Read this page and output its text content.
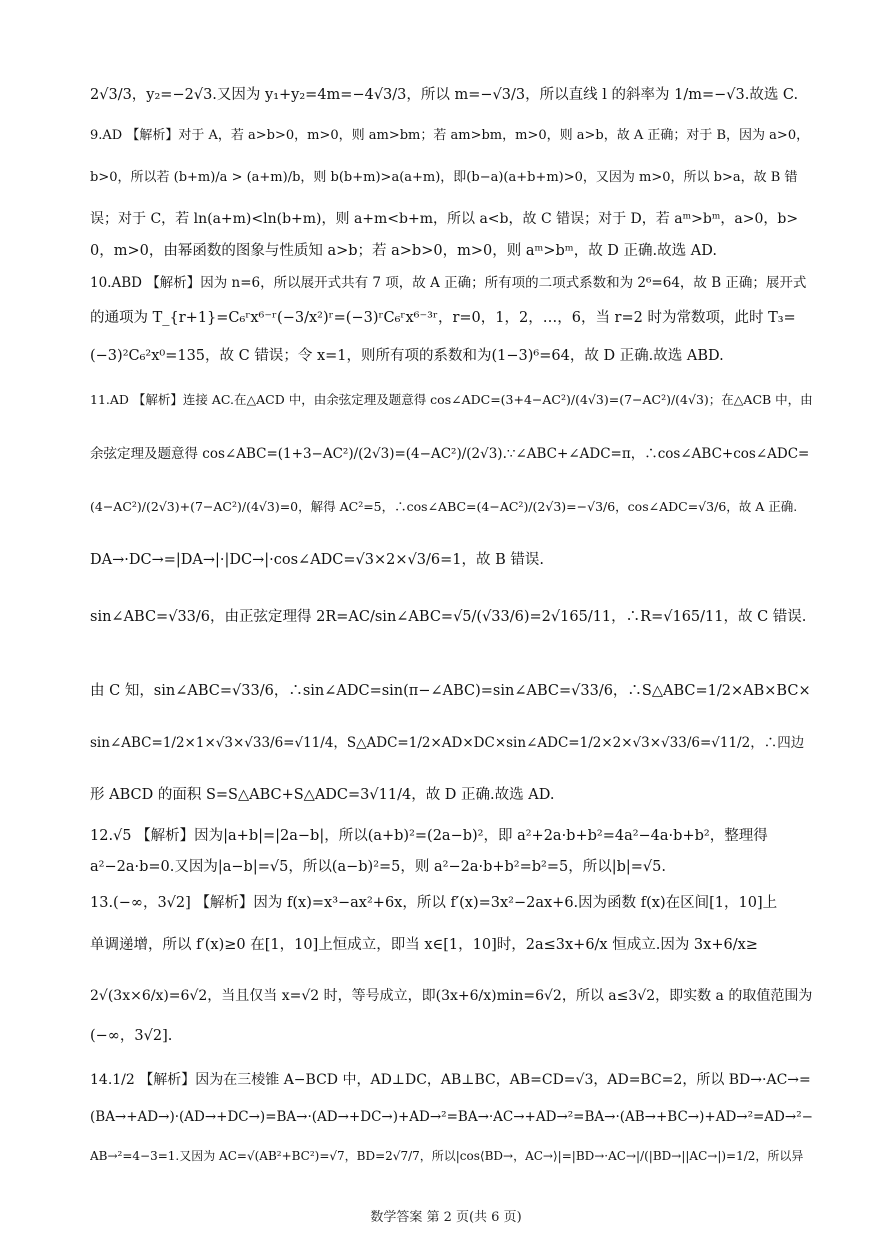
2√3/3，y₂=−2√3.又因为 y₁+y₂=4m=−4√3/3，所以 m=−√3/3，所以直线 l 的斜率为 1/m=−√3.故选 C.
9.AD 【解析】对于 A，若 a>b>0，m>0，则 am>bm；若 am>bm，m>0，则 a>b，故 A 正确；对于 B，因为 a>0，
b>0，所以若 (b+m)/a > (a+m)/b，则 b(b+m)>a(a+m)，即(b−a)(a+b+m)>0，又因为 m>0，所以 b>a，故 B 错
误；对于 C，若 ln(a+m)<ln(b+m)，则 a+m<b+m，所以 a<b，故 C 错误；对于 D，若 aᵐ>bᵐ，a>0，b>
0，m>0，由幂函数的图象与性质知 a>b；若 a>b>0，m>0，则 aᵐ>bᵐ，故 D 正确.故选 AD.
10.ABD 【解析】因为 n=6，所以展开式共有 7 项，故 A 正确；所有项的二项式系数和为 2⁶=64，故 B 正确；展开式
的通项为 T_{r+1}=C₆ʳx⁶⁻ʳ(−3/x²)ʳ=(−3)ʳC₆ʳx⁶⁻³ʳ，r=0，1，2，…，6，当 r=2 时为常数项，此时 T₃=
(−3)²C₆²x⁰=135，故 C 错误；令 x=1，则所有项的系数和为(1−3)⁶=64，故 D 正确.故选 ABD.
11.AD 【解析】连接 AC.在△ACD 中，由余弦定理及题意得 cos∠ADC=(3+4−AC²)/(4√3)=(7−AC²)/(4√3)；在△ACB 中，由
余弦定理及题意得 cos∠ABC=(1+3−AC²)/(2√3)=(4−AC²)/(2√3).∵∠ABC+∠ADC=π，∴cos∠ABC+cos∠ADC=
(4−AC²)/(2√3)+(7−AC²)/(4√3)=0，解得 AC²=5，∴cos∠ABC=(4−AC²)/(2√3)=−√3/6，cos∠ADC=√3/6，故 A 正确.
DA→·DC→=|DA→|·|DC→|·cos∠ADC=√3×2×√3/6=1，故 B 错误.
sin∠ABC=√33/6，由正弦定理得 2R=AC/sin∠ABC=√5/(√33/6)=2√165/11，∴R=√165/11，故 C 错误.
由 C 知，sin∠ABC=√33/6，∴sin∠ADC=sin(π−∠ABC)=sin∠ABC=√33/6，∴S△ABC=1/2×AB×BC×
sin∠ABC=1/2×1×√3×√33/6=√11/4，S△ADC=1/2×AD×DC×sin∠ADC=1/2×2×√3×√33/6=√11/2，∴四边
形 ABCD 的面积 S=S△ABC+S△ADC=3√11/4，故 D 正确.故选 AD.
12.√5 【解析】因为|a+b|=|2a−b|，所以(a+b)²=(2a−b)²，即 a²+2a·b+b²=4a²−4a·b+b²，整理得
a²−2a·b=0.又因为|a−b|=√5，所以(a−b)²=5，则 a²−2a·b+b²=b²=5，所以|b|=√5.
13.(−∞，3√2] 【解析】因为 f(x)=x³−ax²+6x，所以 f′(x)=3x²−2ax+6.因为函数 f(x)在区间[1，10]上
单调递增，所以 f′(x)≥0 在[1，10]上恒成立，即当 x∈[1，10]时，2a≤3x+6/x 恒成立.因为 3x+6/x≥
2√(3x×6/x)=6√2，当且仅当 x=√2 时，等号成立，即(3x+6/x)min=6√2，所以 a≤3√2，即实数 a 的取值范围为
(−∞，3√2].
14.1/2 【解析】因为在三棱锥 A−BCD 中，AD⊥DC，AB⊥BC，AB=CD=√3，AD=BC=2，所以 BD→·AC→=
(BA→+AD→)·(AD→+DC→)=BA→·(AD→+DC→)+AD→²=BA→·AC→+AD→²=BA→·(AB→+BC→)+AD→²=AD→²−
AB→²=4−3=1.又因为 AC=√(AB²+BC²)=√7，BD=2√7/7，所以|cos⟨BD→，AC→⟩|=|BD→·AC→|/(|BD→||AC→|)=1/2，所以异
数学答案 第 2 页(共 6 页)
